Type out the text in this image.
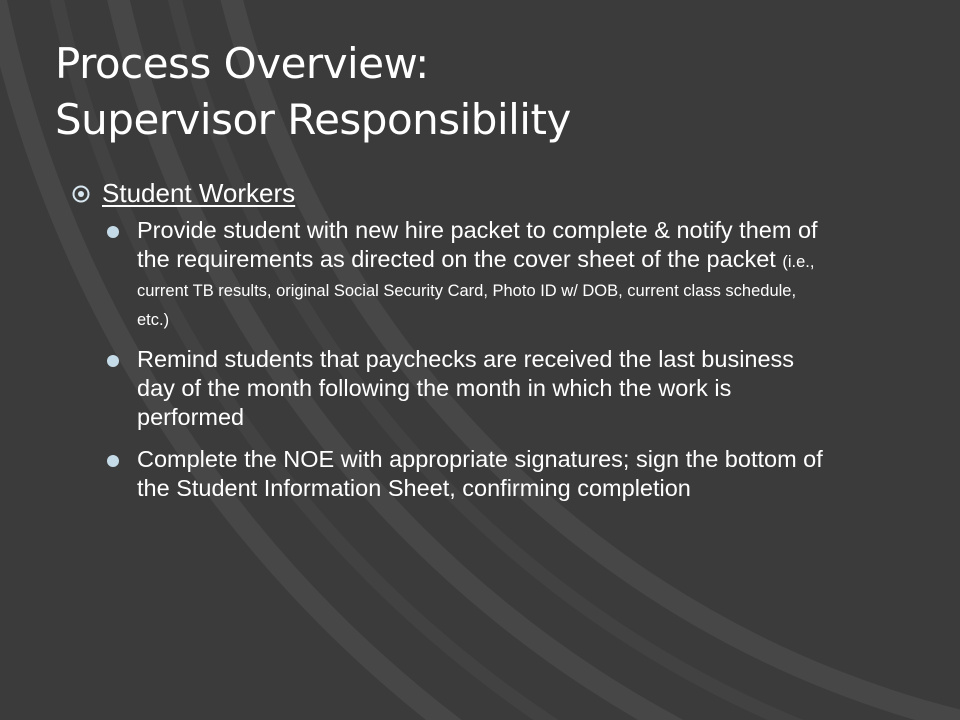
Process Overview:
Supervisor Responsibility
Student Workers
Provide student with new hire packet to complete & notify them of the requirements as directed on the cover sheet of the packet (i.e., current TB results, original Social Security Card, Photo ID w/ DOB, current class schedule, etc.)
Remind students that paychecks are received the last business day of the month following the month in which the work is performed
Complete the NOE with appropriate signatures; sign the bottom of the Student Information Sheet, confirming completion
